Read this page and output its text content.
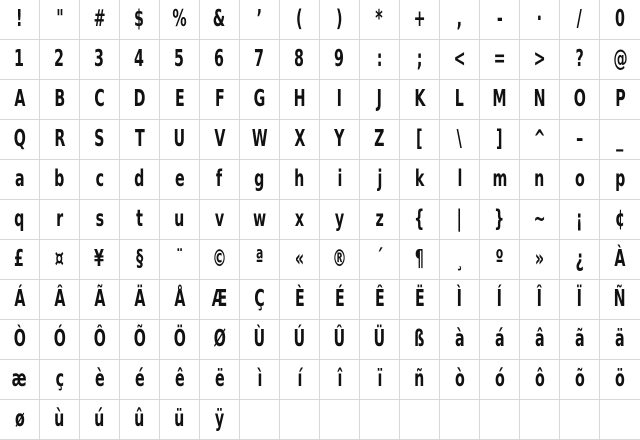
! " # $ % & ’ ( ) * + , - · / 0
1 2 3 4 5 6 7 8 9 : ; < = > ? @
A B C D E F G H I J K L M N O P
Q R S T U V W X Y Z [ \ ] ^ – _
a b c d e f g h i j k l m n o p
q r s t u v w x y z { | } ~ ¡ ¢
£ ¤ ¥ § ¨ © ª « ® ´ ¶ ¸ º » ¿ À
Á Â Ã Ä Å Æ Ç È É Ê Ë Ì Í Î Ï Ñ
Ò Ó Ô Õ Ö Ø Ù Ú Û Ü ß à á â ã ä
æ ç è é ê ë ì í î ï ñ ò ó ô õ ö
ø ù ú û ü ÿ
